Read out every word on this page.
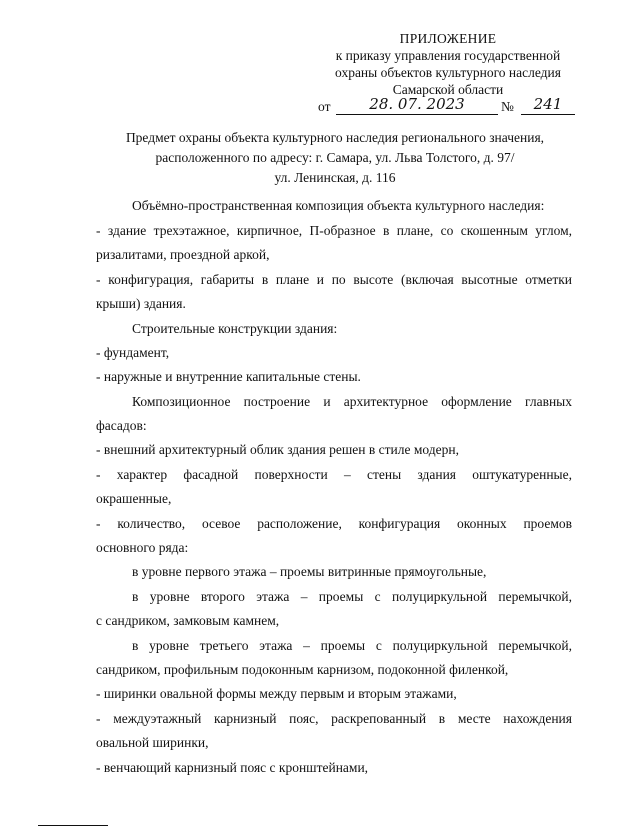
ПРИЛОЖЕНИЕ
к приказу управления государственной
охраны объектов культурного наследия
Самарской области
от	28. 07. 2023	№	241
Предмет охраны объекта культурного наследия регионального значения,
расположенного по адресу: г. Самара, ул. Льва Толстого, д. 97/
ул. Ленинская, д. 116

Объёмно-пространственная композиция объекта культурного наследия:

- здание трехэтажное, кирпичное, П-образное в плане, со скошенным углом,

ризалитами, проездной аркой,

- конфигурация, габариты в плане и по высоте (включая высотные отметки

крыши) здания.

Строительные конструкции здания:

- фундамент,

- наружные и внутренние капитальные стены.

Композиционное построение и архитектурное оформление главных

фасадов:

- внешний архитектурный облик здания решен в стиле модерн,

- характер фасадной поверхности – стены здания оштукатуренные,

окрашенные,

- количество, осевое расположение, конфигурация оконных проемов

основного ряда:

в уровне первого этажа – проемы витринные прямоугольные,

в уровне второго этажа – проемы с полуциркульной перемычкой,

с сандриком, замковым камнем,

в уровне третьего этажа – проемы с полуциркульной перемычкой,

сандриком, профильным подоконным карнизом, подоконной филенкой,

- ширинки овальной формы между первым и вторым этажами,

- междуэтажный карнизный пояс, раскрепованный в месте нахождения

овальной ширинки,

- венчающий карнизный пояс с кронштейнами,
